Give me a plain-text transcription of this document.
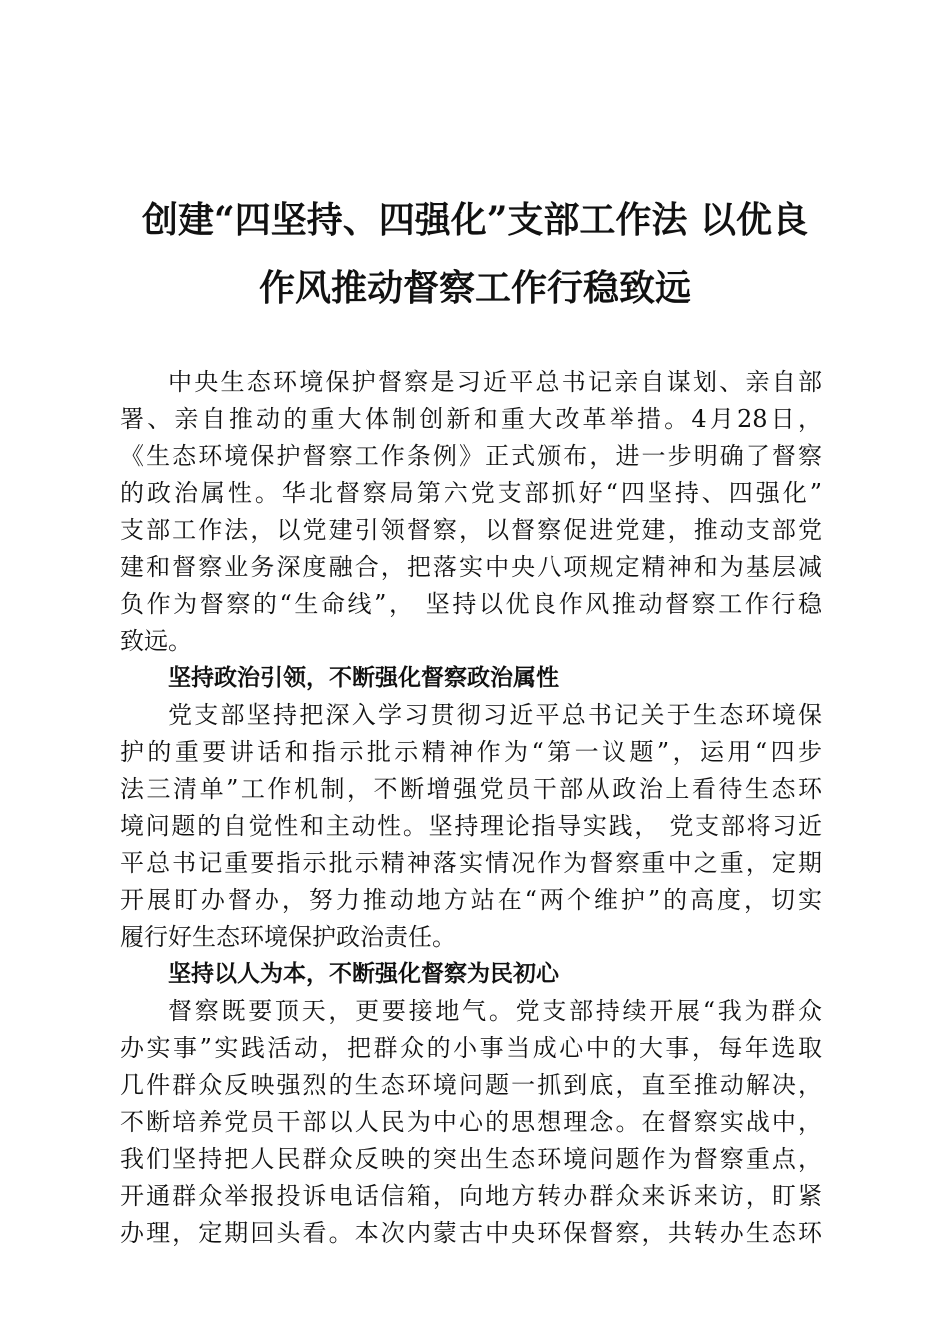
创建“四坚持、四强化”支部工作法 以优良
作风推动督察工作行稳致远
中央生态环境保护督察是习近平总书记亲自谋划、亲自部
署、亲自推动的重大体制创新和重大改革举措。4月28日，
《生态环境保护督察工作条例》正式颁布，进一步明确了督察
的政治属性。华北督察局第六党支部抓好“四坚持、四强化”
支部工作法，以党建引领督察，以督察促进党建，推动支部党
建和督察业务深度融合，把落实中央八项规定精神和为基层减
负作为督察的“生命线”， 坚持以优良作风推动督察工作行稳
致远。
坚持政治引领，不断强化督察政治属性
党支部坚持把深入学习贯彻习近平总书记关于生态环境保
护的重要讲话和指示批示精神作为“第一议题”，运用“四步
法三清单”工作机制，不断增强党员干部从政治上看待生态环
境问题的自觉性和主动性。坚持理论指导实践， 党支部将习近
平总书记重要指示批示精神落实情况作为督察重中之重，定期
开展盯办督办，努力推动地方站在“两个维护”的高度，切实
履行好生态环境保护政治责任。
坚持以人为本，不断强化督察为民初心
督察既要顶天，更要接地气。党支部持续开展“我为群众
办实事”实践活动，把群众的小事当成心中的大事，每年选取
几件群众反映强烈的生态环境问题一抓到底，直至推动解决，
不断培养党员干部以人民为中心的思想理念。在督察实战中，
我们坚持把人民群众反映的突出生态环境问题作为督察重点，
开通群众举报投诉电话信箱，向地方转办群众来诉来访，盯紧
办理，定期回头看。本次内蒙古中央环保督察，共转办生态环
